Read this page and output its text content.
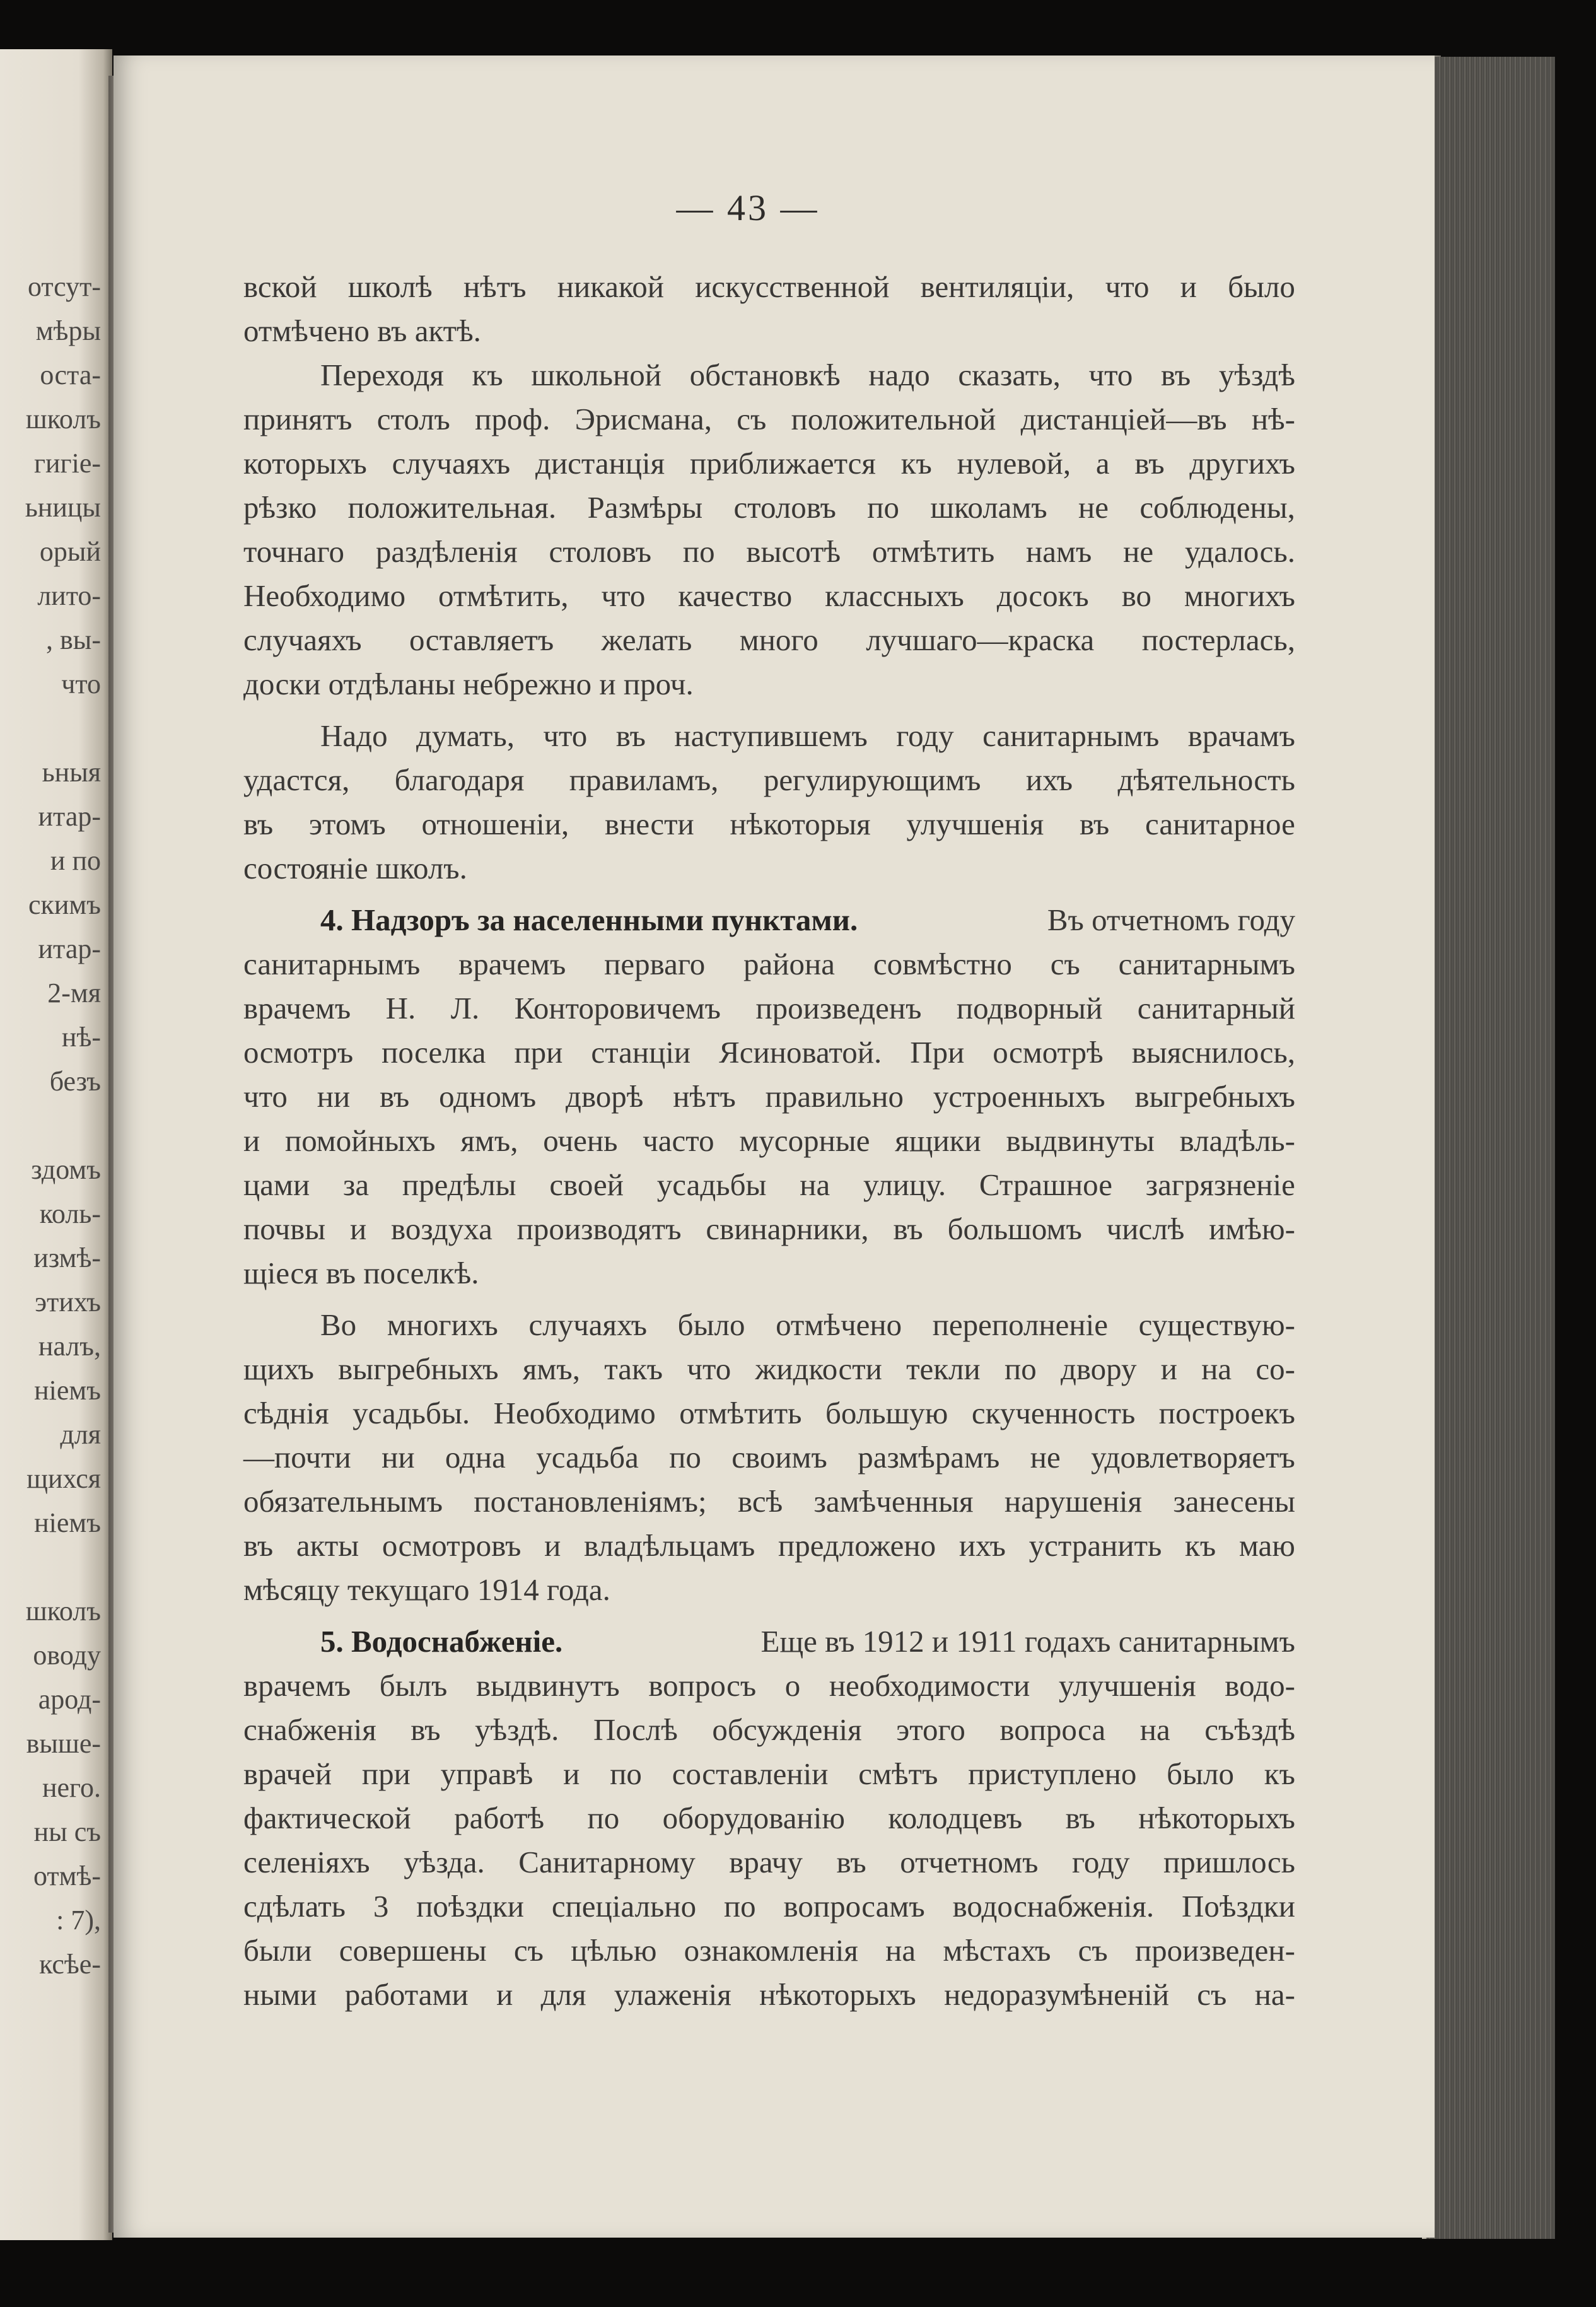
отсут-
мѣры
оста-
школъ
гигіе-
ьницы
орый
лито-
, вы-
что
ьныя
итар-
и по
скимъ
итар-
2-мя
нѣ-
безъ
здомъ
коль-
измѣ-
этихъ
налъ,
ніемъ
для
щихся
ніемъ
школъ
оводу
арод-
выше-
него.
ны съ
отмѣ-
: 7),
ксѣе-
— 43 —
вской школѣ нѣтъ никакой искусственной вентиляціи, что и было
отмѣчено въ актѣ.
Переходя къ школьной обстановкѣ надо сказать, что въ уѣздѣ
принятъ столъ проф. Эрисмана, съ положительной дистанціей—въ нѣ-
которыхъ случаяхъ дистанція приближается къ нулевой, а въ другихъ
рѣзко положительная. Размѣры столовъ по школамъ не соблюдены,
точнаго раздѣленія столовъ по высотѣ отмѣтить намъ не удалось.
Необходимо отмѣтить, что качество классныхъ досокъ во многихъ
случаяхъ оставляетъ желать много лучшаго—краска постерлась,
доски отдѣланы небрежно и проч.
Надо думать, что въ наступившемъ году санитарнымъ врачамъ
удастся, благодаря правиламъ, регулирующимъ ихъ дѣятельность
въ этомъ отношеніи, внести нѣкоторыя улучшенія въ санитарное
состояніе школъ.
4. Надзоръ за населенными пунктами.	Въ отчетномъ году
санитарнымъ врачемъ перваго района совмѣстно съ санитарнымъ
врачемъ Н. Л. Конторовичемъ произведенъ подворный санитарный
осмотръ поселка при станціи Ясиноватой. При осмотрѣ выяснилось,
что ни въ одномъ дворѣ нѣтъ правильно устроенныхъ выгребныхъ
и помойныхъ ямъ, очень часто мусорные ящики выдвинуты владѣль-
цами за предѣлы своей усадьбы на улицу. Страшное загрязненіе
почвы и воздуха производятъ свинарники, въ большомъ числѣ имѣю-
щіеся въ поселкѣ.
Во многихъ случаяхъ было отмѣчено переполненіе существую-
щихъ выгребныхъ ямъ, такъ что жидкости текли по двору и на со-
сѣднія усадьбы. Необходимо отмѣтить большую скученность построекъ
—почти ни одна усадьба по своимъ размѣрамъ не удовлетворяетъ
обязательнымъ постановленіямъ; всѣ замѣченныя нарушенія занесены
въ акты осмотровъ и владѣльцамъ предложено ихъ устранить къ маю
мѣсяцу текущаго 1914 года.
5. Водоснабженіе.	Еще въ 1912 и 1911 годахъ санитарнымъ
врачемъ былъ выдвинутъ вопросъ о необходимости улучшенія водо-
снабженія въ уѣздѣ. Послѣ обсужденія этого вопроса на съѣздѣ
врачей при управѣ и по составленіи смѣтъ приступлено было къ
фактической работѣ по оборудованію колодцевъ въ нѣкоторыхъ
селеніяхъ уѣзда. Санитарному врачу въ отчетномъ году пришлось
сдѣлать 3 поѣздки спеціально по вопросамъ водоснабженія. Поѣздки
были совершены съ цѣлью ознакомленія на мѣстахъ съ произведен-
ными работами и для улаженія нѣкоторыхъ недоразумѣненій съ на-
